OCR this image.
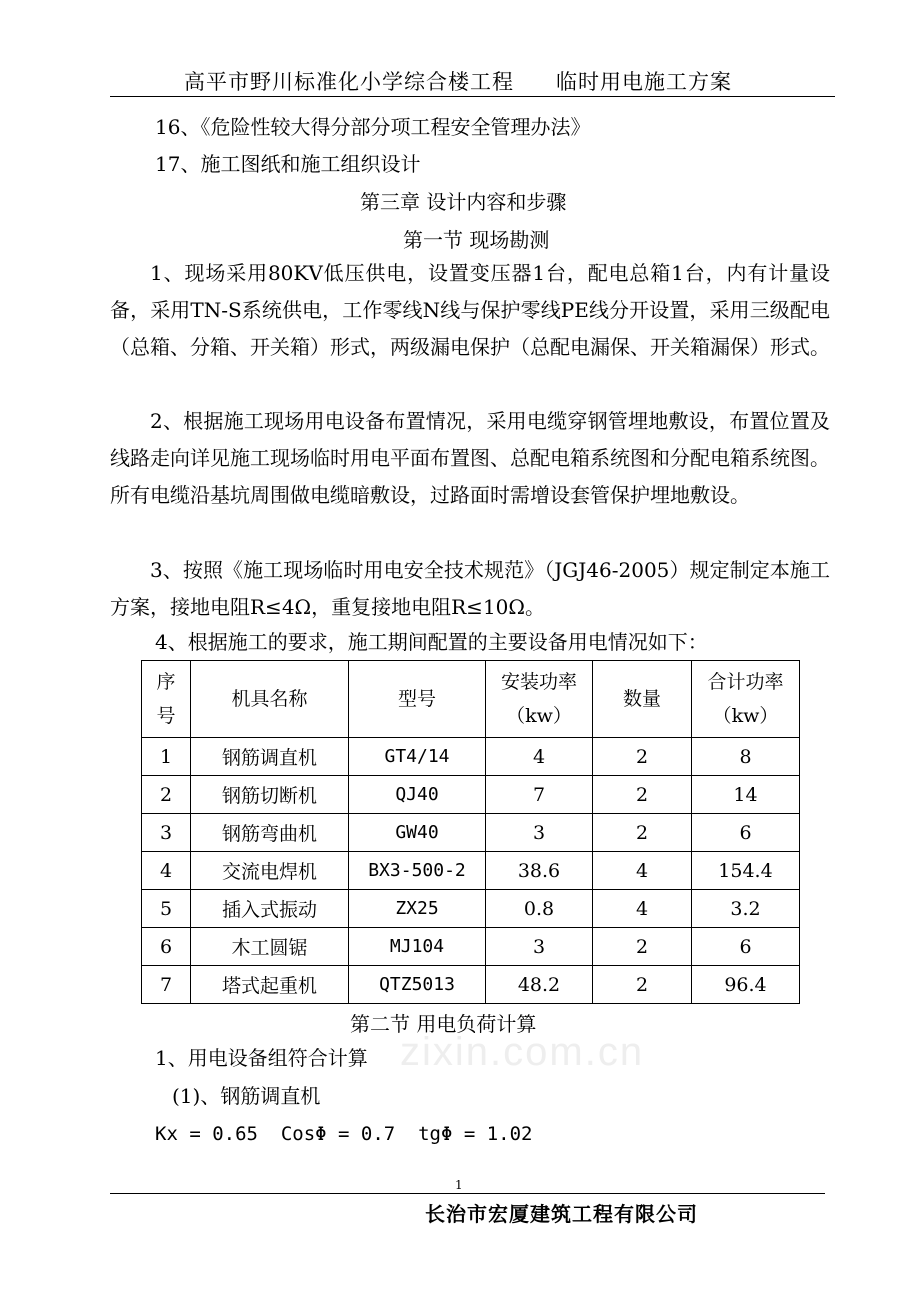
高平市野川标准化小学综合楼工程 临时用电施工方案
16、《危险性较大得分部分项工程安全管理办法》
17、施工图纸和施工组织设计
第三章 设计内容和步骤
第一节 现场勘测
1、现场采用80KV低压供电，设置变压器1台，配电总箱1台，内有计量设备，采用TN-S系统供电，工作零线N线与保护零线PE线分开设置，采用三级配电（总箱、分箱、开关箱）形式，两级漏电保护（总配电漏保、开关箱漏保）形式。
2、根据施工现场用电设备布置情况，采用电缆穿钢管埋地敷设，布置位置及线路走向详见施工现场临时用电平面布置图、总配电箱系统图和分配电箱系统图。所有电缆沿基坑周围做电缆暗敷设，过路面时需增设套管保护埋地敷设。
3、按照《施工现场临时用电安全技术规范》（JGJ46-2005）规定制定本施工方案，接地电阻R≤4Ω，重复接地电阻R≤10Ω。
4、根据施工的要求，施工期间配置的主要设备用电情况如下：
序号	机具名称	型号	安装功率（kw）	数量	合计功率（kw）

1	钢筋调直机	GT4/14	4	2	8
2	钢筋切断机	QJ40	7	2	14
3	钢筋弯曲机	GW40	3	2	6
4	交流电焊机	BX3-500-2	38.6	4	154.4
5	插入式振动	ZX25	0.8	4	3.2
6	木工圆锯	MJ104	3	2	6
7	塔式起重机	QTZ5013	48.2	2	96.4
zixin.com.cn
第二节 用电负荷计算
1、用电设备组符合计算
(1)、钢筋调直机
Kx = 0.65  CosΦ = 0.7  tgΦ = 1.02
1
长治市宏厦建筑工程有限公司
